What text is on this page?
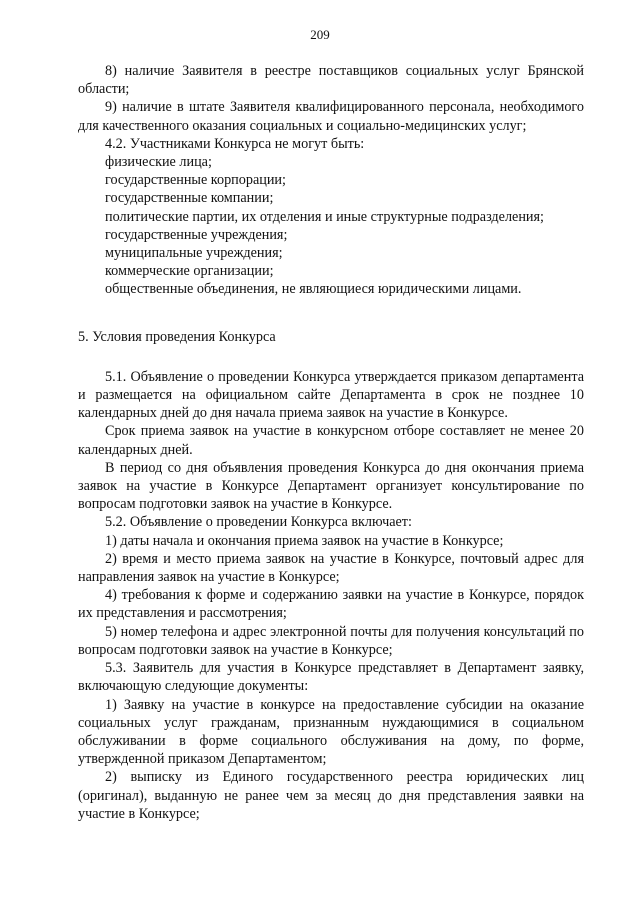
209

8) наличие Заявителя в реестре поставщиков социальных услуг Брянской области;

9) наличие в штате Заявителя квалифицированного персонала, необходимого для качественного оказания социальных и социально-медицинских услуг;

4.2. Участниками Конкурса не могут быть:

физические лица;

государственные корпорации;

государственные компании;

политические партии, их отделения и иные структурные подразделения;

государственные учреждения;

муниципальные учреждения;

коммерческие организации;

общественные объединения, не являющиеся юридическими лицами.

5. Условия проведения Конкурса

5.1. Объявление о проведении Конкурса утверждается приказом департамента и размещается на официальном сайте Департамента в срок не позднее 10 календарных дней до дня начала приема заявок на участие в Конкурсе.

Срок приема заявок на участие в конкурсном отборе составляет не менее 20 календарных дней.

В период со дня объявления проведения Конкурса до дня окончания приема заявок на участие в Конкурсе Департамент организует консультирование по вопросам подготовки заявок на участие в Конкурсе.

5.2. Объявление о проведении Конкурса включает:

1) даты начала и окончания приема заявок на участие в Конкурсе;

2) время и место приема заявок на участие в Конкурсе, почтовый адрес для направления заявок на участие в Конкурсе;

4) требования к форме и содержанию заявки на участие в Конкурсе, порядок их представления и рассмотрения;

5) номер телефона и адрес электронной почты для получения консультаций по вопросам подготовки заявок на участие в Конкурсе;

5.3. Заявитель для участия в Конкурсе представляет в Департамент заявку, включающую следующие документы:

1) Заявку на участие в конкурсе на предоставление субсидии на оказание социальных услуг гражданам, признанным нуждающимися в социальном обслуживании в форме социального обслуживания на дому, по форме, утвержденной приказом Департаментом;

2) выписку из Единого государственного реестра юридических лиц (оригинал), выданную не ранее чем за месяц до дня представления заявки на участие в Конкурсе;
